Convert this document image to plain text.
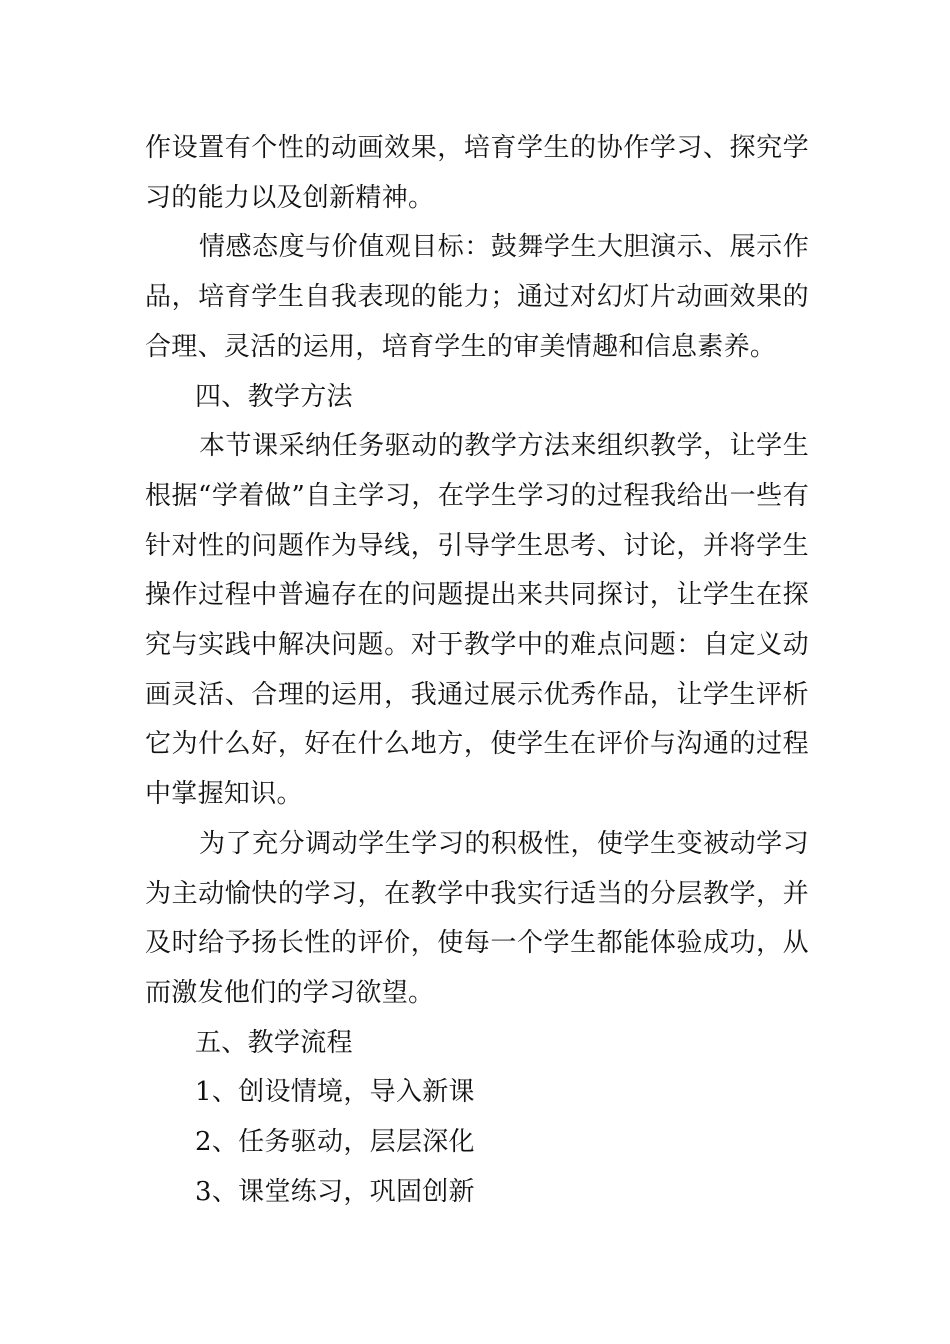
作设置有个性的动画效果，培育学生的协作学习、探究学习的能力以及创新精神。

情感态度与价值观目标：鼓舞学生大胆演示、展示作品，培育学生自我表现的能力；通过对幻灯片动画效果的合理、灵活的运用，培育学生的审美情趣和信息素养。

四、教学方法

本节课采纳任务驱动的教学方法来组织教学，让学生根据“学着做”自主学习，在学生学习的过程我给出一些有针对性的问题作为导线，引导学生思考、讨论，并将学生操作过程中普遍存在的问题提出来共同探讨，让学生在探究与实践中解决问题。对于教学中的难点问题：自定义动画灵活、合理的运用，我通过展示优秀作品，让学生评析它为什么好，好在什么地方，使学生在评价与沟通的过程中掌握知识。

为了充分调动学生学习的积极性，使学生变被动学习为主动愉快的学习，在教学中我实行适当的分层教学，并及时给予扬长性的评价，使每一个学生都能体验成功，从而激发他们的学习欲望。

五、教学流程

1、创设情境，导入新课

2、任务驱动，层层深化

3、课堂练习，巩固创新
